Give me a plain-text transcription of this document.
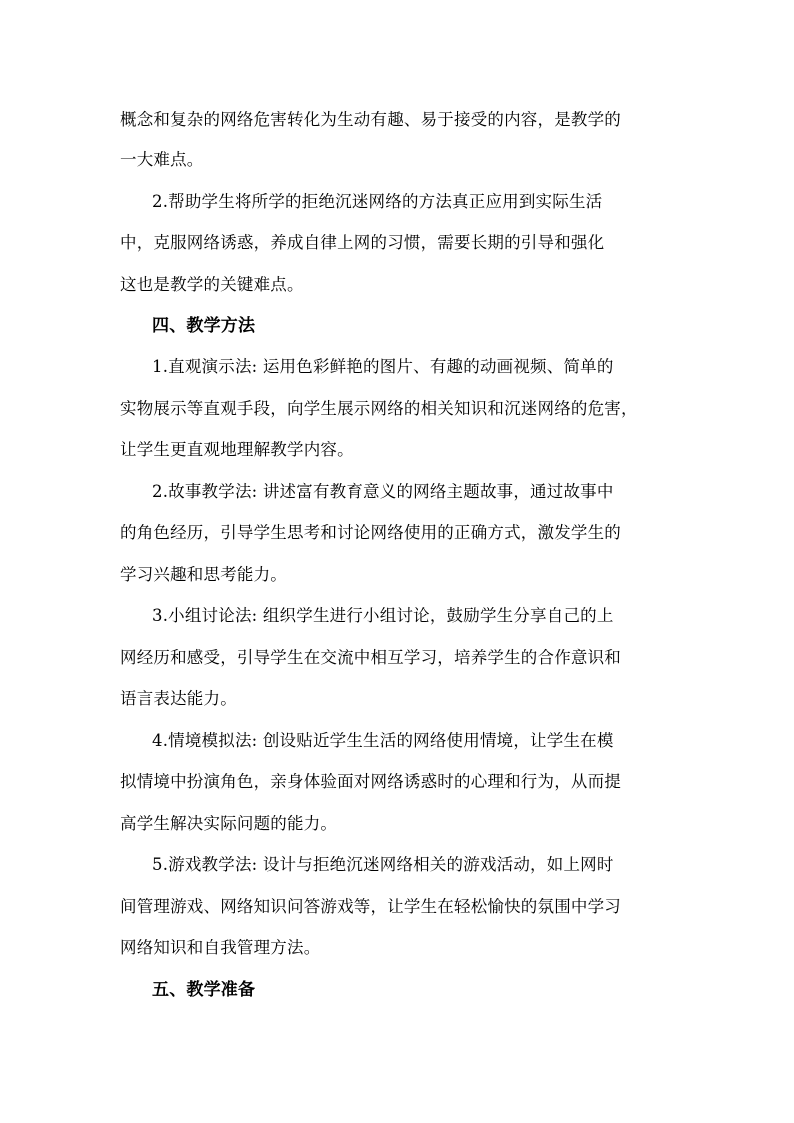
概念和复杂的网络危害转化为生动有趣、易于接受的内容，是教学的
一大难点。
2.帮助学生将所学的拒绝沉迷网络的方法真正应用到实际生活
中，克服网络诱惑，养成自律上网的习惯，需要长期的引导和强化
这也是教学的关键难点。
四、教学方法
1.直观演示法: 运用色彩鲜艳的图片、有趣的动画视频、简单的
实物展示等直观手段，向学生展示网络的相关知识和沉迷网络的危害，
让学生更直观地理解教学内容。
2.故事教学法: 讲述富有教育意义的网络主题故事，通过故事中
的角色经历，引导学生思考和讨论网络使用的正确方式，激发学生的
学习兴趣和思考能力。
3.小组讨论法: 组织学生进行小组讨论，鼓励学生分享自己的上
网经历和感受，引导学生在交流中相互学习，培养学生的合作意识和
语言表达能力。
4.情境模拟法: 创设贴近学生生活的网络使用情境，让学生在模
拟情境中扮演角色，亲身体验面对网络诱惑时的心理和行为，从而提
高学生解决实际问题的能力。
5.游戏教学法: 设计与拒绝沉迷网络相关的游戏活动，如上网时
间管理游戏、网络知识问答游戏等，让学生在轻松愉快的氛围中学习
网络知识和自我管理方法。
五、教学准备
